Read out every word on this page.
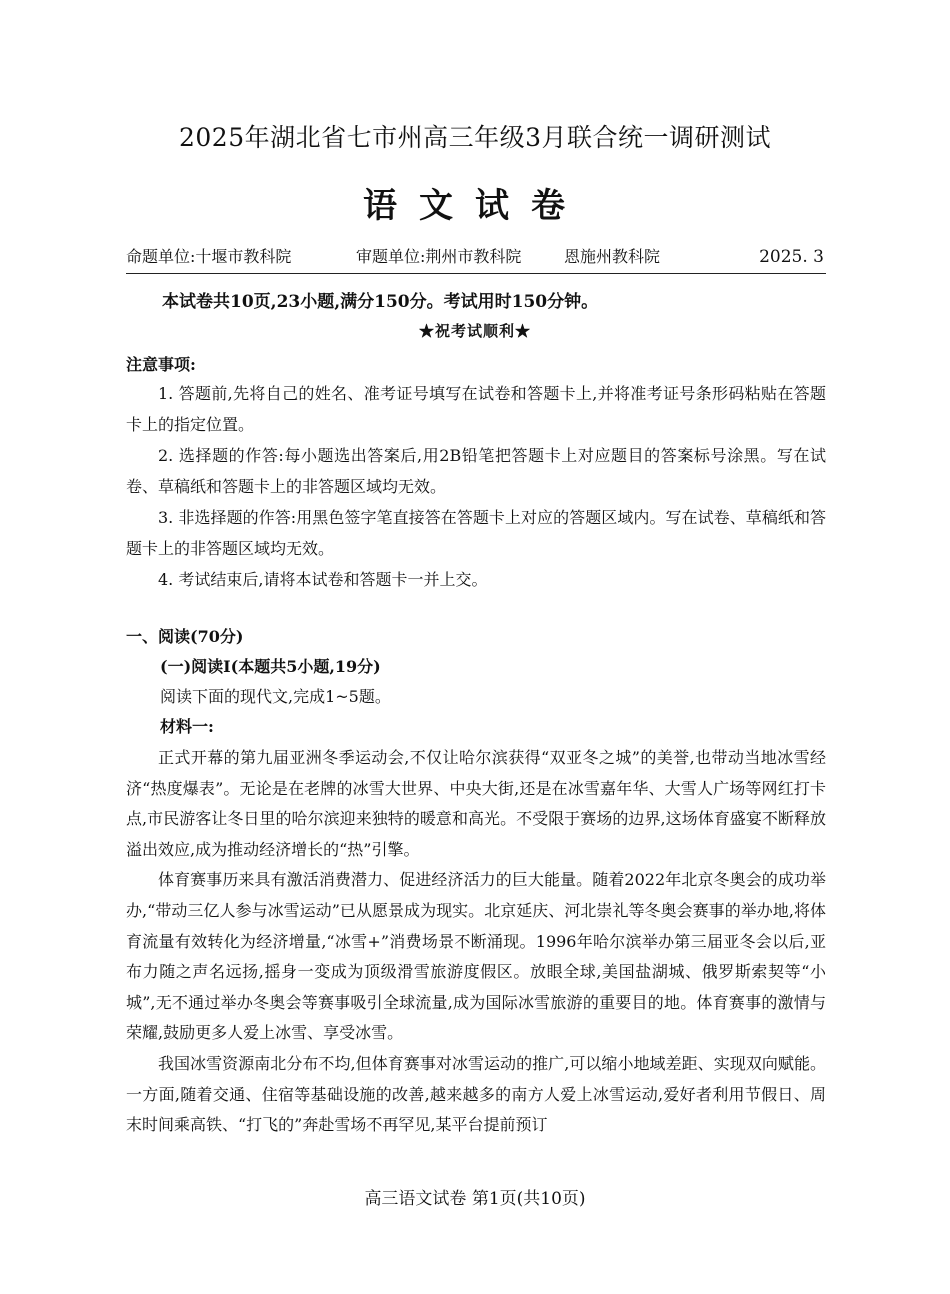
2025年湖北省七市州高三年级3月联合统一调研测试
语文试卷
命题单位:十堰市教科院	审题单位:荆州市教科院	恩施州教科院	2025. 3
本试卷共10页,23小题,满分150分。考试用时150分钟。
★祝考试顺利★
注意事项:

1. 答题前,先将自己的姓名、准考证号填写在试卷和答题卡上,并将准考证号条形码粘贴在答题卡上的指定位置。

2. 选择题的作答:每小题选出答案后,用2B铅笔把答题卡上对应题目的答案标号涂黑。写在试卷、草稿纸和答题卡上的非答题区域均无效。

3. 非选择题的作答:用黑色签字笔直接答在答题卡上对应的答题区域内。写在试卷、草稿纸和答题卡上的非答题区域均无效。

4. 考试结束后,请将本试卷和答题卡一并上交。

一、阅读(70分)
(一)阅读Ⅰ(本题共5小题,19分)
阅读下面的现代文,完成1~5题。
材料一:

正式开幕的第九届亚洲冬季运动会,不仅让哈尔滨获得“双亚冬之城”的美誉,也带动当地冰雪经济“热度爆表”。无论是在老牌的冰雪大世界、中央大街,还是在冰雪嘉年华、大雪人广场等网红打卡点,市民游客让冬日里的哈尔滨迎来独特的暖意和高光。不受限于赛场的边界,这场体育盛宴不断释放溢出效应,成为推动经济增长的“热”引擎。

体育赛事历来具有激活消费潜力、促进经济活力的巨大能量。随着2022年北京冬奥会的成功举办,“带动三亿人参与冰雪运动”已从愿景成为现实。北京延庆、河北崇礼等冬奥会赛事的举办地,将体育流量有效转化为经济增量,“冰雪+”消费场景不断涌现。1996年哈尔滨举办第三届亚冬会以后,亚布力随之声名远扬,摇身一变成为顶级滑雪旅游度假区。放眼全球,美国盐湖城、俄罗斯索契等“小城”,无不通过举办冬奥会等赛事吸引全球流量,成为国际冰雪旅游的重要目的地。体育赛事的激情与荣耀,鼓励更多人爱上冰雪、享受冰雪。

我国冰雪资源南北分布不均,但体育赛事对冰雪运动的推广,可以缩小地域差距、实现双向赋能。一方面,随着交通、住宿等基础设施的改善,越来越多的南方人爱上冰雪运动,爱好者利用节假日、周末时间乘高铁、“打飞的”奔赴雪场不再罕见,某平台提前预订

高三语文试卷 第1页(共10页)
